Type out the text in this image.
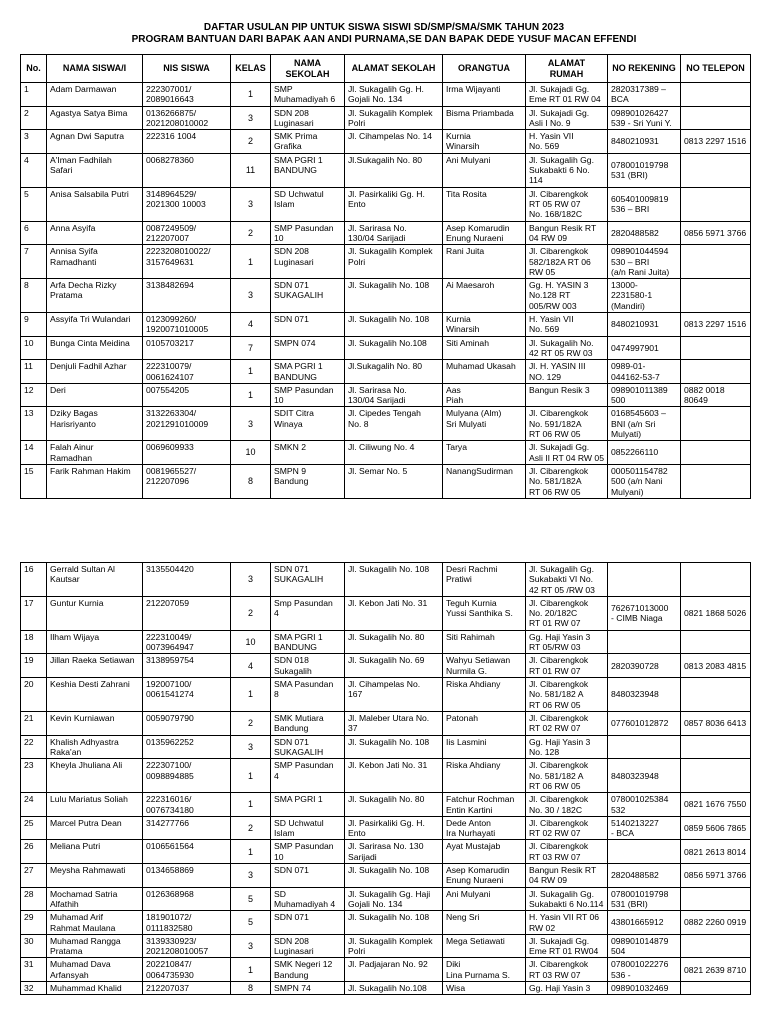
DAFTAR USULAN PIP UNTUK SISWA SISWI SD/SMP/SMA/SMK TAHUN 2023
PROGRAM BANTUAN DARI BAPAK AAN ANDI PURNAMA,SE DAN BAPAK DEDE YUSUF MACAN EFFENDI
No.	NAMA SISWA/I	NIS SISWA	KELAS	NAMA
SEKOLAH	ALAMAT SEKOLAH	ORANGTUA	ALAMAT
RUMAH	NO REKENING	NO TELEPON
1	Adam Darmawan	222307001/
2089016643	1	SMP
Muhamadiyah 6	Jl. Sukagalih Gg. H.
Gojali No. 134	Irma Wijayanti	Jl. Sukajadi Gg.
Eme RT 01 RW 04	2820317389 –
BCA	
2	Agastya Satya Bima	0136266875/
2021208010002	3	SDN 208
Luginasari	Jl. Sukagalih Komplek
Polri	Bisma Priambada	Jl. Sukajadi Gg.
Asli I No. 9	098901026427
539 - Sri Yuni Y.	
3	Agnan Dwi Saputra	222316 1004	2	SMK Prima
Grafika	Jl. Cihampelas No. 14	Kurnia
Winarsih	H. Yasin VII
No. 569	8480210931	0813 2297 1516
4	A'Iman Fadhilah
Safari	0068278360	11	SMA PGRI 1
BANDUNG	Jl.Sukagalih No. 80	Ani Mulyani	Jl. Sukagalih Gg.
Sukabakti 6 No. 114	078001019798
531 (BRI)	
5	Anisa Salsabila Putri	3148964529/
2021300 10003	3	SD Uchwatul
Islam	Jl. Pasirkaliki Gg. H.
Ento	Tita Rosita	Jl. Cibarengkok
RT 05 RW 07
No. 168/182C	605401009819
536 – BRI	
6	Anna Asyifa	0087249509/
212207007	2	SMP Pasundan
10	Jl. Sarirasa No.
130/04 Sarijadi	Asep Komarudin
Enung Nuraeni	Bangun Resik RT
04 RW 09	2820488582	0856 5971 3766
7	Annisa Syifa
Ramadhanti	2223208010022/
3157649631	1	SDN 208
Luginasari	Jl. Sukagalih Komplek
Polri	Rani Juita	Jl. Cibarengkok
582/182A RT 06
RW 05	098901044594
530 – BRI
(a/n Rani Juita)	
8	Arfa Decha Rizky
Pratama	3138482694	3	SDN 071
SUKAGALIH	Jl. Sukagalih No. 108	Ai Maesaroh	Gg. H. YASIN 3
No.128 RT
005/RW 003	13000-
2231580-1
(Mandiri)	
9	Assyifa Tri Wulandari	0123099260/
1920071010005	4	SDN 071	Jl. Sukagalih No. 108	Kurnia
Winarsih	H. Yasin VII
No. 569	8480210931	0813 2297 1516
10	Bunga Cinta Meidina	0105703217	7	SMPN 074	Jl. Sukagalih No.108	Siti Aminah	Jl. Sukagalih No.
42 RT 05 RW 03	0474997901	
11	Denjuli Fadhil Azhar	222310079/
0061624107	1	SMA PGRI 1
BANDUNG	Jl.Sukagalih No. 80	Muhamad Ukasah	Jl. H. YASIN III
NO. 129	0989-01-
044162-53-7	
12	Deri	007554205	1	SMP Pasundan
10	Jl. Sarirasa No.
130/04 Sarijadi	Aas
Piah	Bangun Resik 3	098901011389
500	0882 0018
80649
13	Dziky Bagas
Harisriyanto	3132263304/
2021291010009	3	SDIT Citra
Winaya	Jl. Cipedes Tengah
No. 8	Mulyana (Alm)
Sri Mulyati	Jl. Cibarengkok
No. 591/182A
RT 06 RW 05	0168545603 –
BNI (a/n Sri
Mulyati)	
14	Falah Ainur
Ramadhan	0069609933	10	SMKN 2	Jl. Ciliwung No. 4	Tarya	Jl. Sukajadi Gg.
Asli II RT 04 RW 05	0852266110	
15	Farik Rahman Hakim	0081965527/
212207096	8	SMPN 9
Bandung	Jl. Semar No. 5	NanangSudirman	Jl. Cibarengkok
No. 581/182A
RT 06 RW 05	000501154782
500 (a/n Nani
Mulyani)	
16	Gerrald Sultan Al
Kautsar	3135504420	3	SDN 071
SUKAGALIH	Jl. Sukagalih No. 108	Desri Rachmi
Pratiwi	Jl. Sukagalih Gg.
Sukabakti VI No.
42 RT 05 /RW 03		
17	Guntur Kurnia	212207059	2	Smp Pasundan
4	Jl. Kebon Jati No. 31	Teguh Kurnia
Yussi Santhika S.	Jl. Cibarengkok
No. 20/182C
RT 01 RW 07	762671013000
- CIMB Niaga	0821 1868 5026
18	Ilham Wijaya	222310049/
0073964947	10	SMA PGRI 1
BANDUNG	Jl. Sukagalih No. 80	Siti Rahimah	Gg. Haji Yasin 3
RT 05/RW 03		
19	Jillan Raeka Setiawan	3138959754	4	SDN 018
Sukagalih	Jl. Sukagalih No. 69	Wahyu Setiawan
Nurmila G.	Jl. Cibarengkok
RT 01 RW 07	2820390728	0813 2083 4815
20	Keshia Desti Zahrani	192007100/
0061541274	1	SMA Pasundan
8	Jl. Cihampelas No.
167	Riska Ahdiany	Jl. Cibarengkok
No. 581/182 A
RT 06 RW 05	8480323948	
21	Kevin Kurniawan	0059079790	2	SMK Mutiara
Bandung	Jl. Maleber Utara No.
37	Patonah	Jl. Cibarengkok
RT 02 RW 07	077601012872	0857 8036 6413
22	Khalish Adhyastra
Raka'an	0135962252	3	SDN 071
SUKAGALIH	Jl. Sukagalih No. 108	Iis Lasmini	Gg. Haji Yasin 3
No. 128		
23	Kheyla Jhuliana Ali	222307100/
0098894885	1	SMP Pasundan
4	Jl. Kebon Jati No. 31	Riska Ahdiany	Jl. Cibarengkok
No. 581/182 A
RT 06 RW 05	8480323948	
24	Lulu Mariatus Soliah	222316016/
0076734180	1	SMA PGRI 1	Jl. Sukagalih No. 80	Fatchur Rochman
Entin Kartini	Jl. Cibarengkok
No. 30 / 182C	078001025384
532	0821 1676 7550
25	Marcel Putra Dean	314277766	2	SD Uchwatul
Islam	Jl. Pasirkaliki Gg. H.
Ento	Dede Anton
Ira Nurhayati	Jl. Cibarengkok
RT 02 RW 07	5140213227
- BCA	0859 5606 7865
26	Meliana Putri	0106561564	1	SMP Pasundan
10	Jl. Sarirasa No. 130
Sarijadi	Ayat Mustajab	Jl. Cibarengkok
RT 03 RW 07		0821 2613 8014
27	Meysha Rahmawati	0134658869	3	SDN 071	Jl. Sukagalih No. 108	Asep Komarudin
Enung Nuraeni	Bangun Resik RT
04 RW 09	2820488582	0856 5971 3766
28	Mochamad Satria
Alfathih	0126368968	5	SD
Muhamadiyah 4	Jl. Sukagalih Gg. Haji
Gojali No. 134	Ani Mulyani	Jl. Sukagalih Gg.
Sukabakti 6 No.114	078001019798
531 (BRI)	
29	Muhamad Arif
Rahmat Maulana	181901072/
0111832580	5	SDN 071	Jl. Sukagalih No. 108	Neng Sri	H. Yasin VII RT 06
RW 02	43801665912	0882 2260 0919
30	Muhamad Rangga
Pratama	3139330923/
2021208010057	3	SDN 208
Luginasari	Jl. Sukagalih Komplek
Polri	Mega Setiawati	Jl. Sukajadi Gg.
Eme RT 01 RW04	098901014879
504	
31	Muhamad Dava
Arfansyah	202210847/
0064735930	1	SMK Negeri 12
Bandung	Jl. Padjajaran No. 92	Diki
Lina Purnama S.	Jl. Cibarengkok
RT 03 RW 07	078001022276
536 -	0821 2639 8710
32	Muhammad Khalid	212207037	8	SMPN 74	Jl. Sukagalih No.108	Wisa	Gg. Haji Yasin 3	098901032469	
